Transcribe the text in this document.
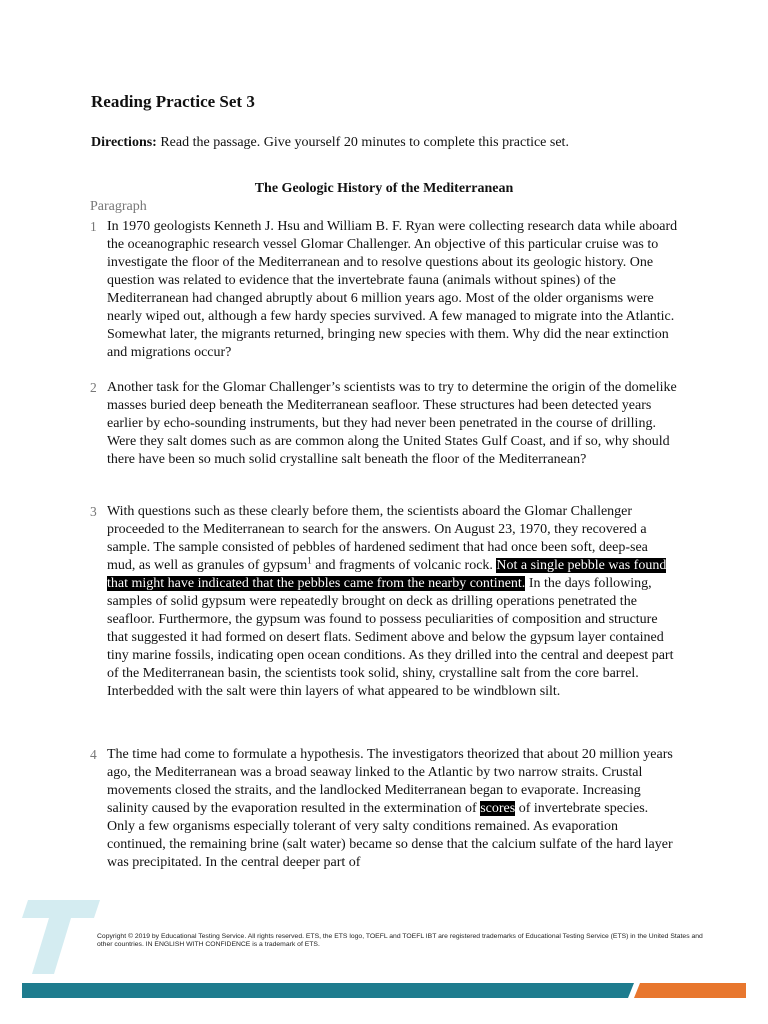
Reading Practice Set 3
Directions: Read the passage. Give yourself 20 minutes to complete this practice set.
The Geologic History of the Mediterranean
Paragraph
1 In 1970 geologists Kenneth J. Hsu and William B. F. Ryan were collecting research data while aboard the oceanographic research vessel Glomar Challenger. An objective of this particular cruise was to investigate the floor of the Mediterranean and to resolve questions about its geologic history. One question was related to evidence that the invertebrate fauna (animals without spines) of the Mediterranean had changed abruptly about 6 million years ago. Most of the older organisms were nearly wiped out, although a few hardy species survived. A few managed to migrate into the Atlantic. Somewhat later, the migrants returned, bringing new species with them. Why did the near extinction and migrations occur?

2 Another task for the Glomar Challenger’s scientists was to try to determine the origin of the domelike masses buried deep beneath the Mediterranean seafloor. These structures had been detected years earlier by echo-sounding instruments, but they had never been penetrated in the course of drilling. Were they salt domes such as are common along the United States Gulf Coast, and if so, why should there have been so much solid crystalline salt beneath the floor of the Mediterranean?

3 With questions such as these clearly before them, the scientists aboard the Glomar Challenger proceeded to the Mediterranean to search for the answers. On August 23, 1970, they recovered a sample. The sample consisted of pebbles of hardened sediment that had once been soft, deep-sea mud, as well as granules of gypsum$^1$ and fragments of volcanic rock. Not a single pebble was found that might have indicated that the pebbles came from the nearby continent. In the days following, samples of solid gypsum were repeatedly brought on deck as drilling operations penetrated the seafloor. Furthermore, the gypsum was found to possess peculiarities of composition and structure that suggested it had formed on desert flats. Sediment above and below the gypsum layer contained tiny marine fossils, indicating open ocean conditions. As they drilled into the central and deepest part of the Mediterranean basin, the scientists took solid, shiny, crystalline salt from the core barrel. Interbedded with the salt were thin layers of what appeared to be windblown silt.

4 The time had come to formulate a hypothesis. The investigators theorized that about 20 million years ago, the Mediterranean was a broad seaway linked to the Atlantic by two narrow straits. Crustal movements closed the straits, and the landlocked Mediterranean began to evaporate. Increasing salinity caused by the evaporation resulted in the extermination of scores of invertebrate species. Only a few organisms especially tolerant of very salty conditions remained. As evaporation continued, the remaining brine (salt water) became so dense that the calcium sulfate of the hard layer was precipitated. In the central deeper part of

Copyright © 2019 by Educational Testing Service. All rights reserved. ETS, the ETS logo, TOEFL and TOEFL IBT are registered trademarks of Educational Testing Service (ETS) in the United States and other countries. IN ENGLISH WITH CONFIDENCE is a trademark of ETS.
